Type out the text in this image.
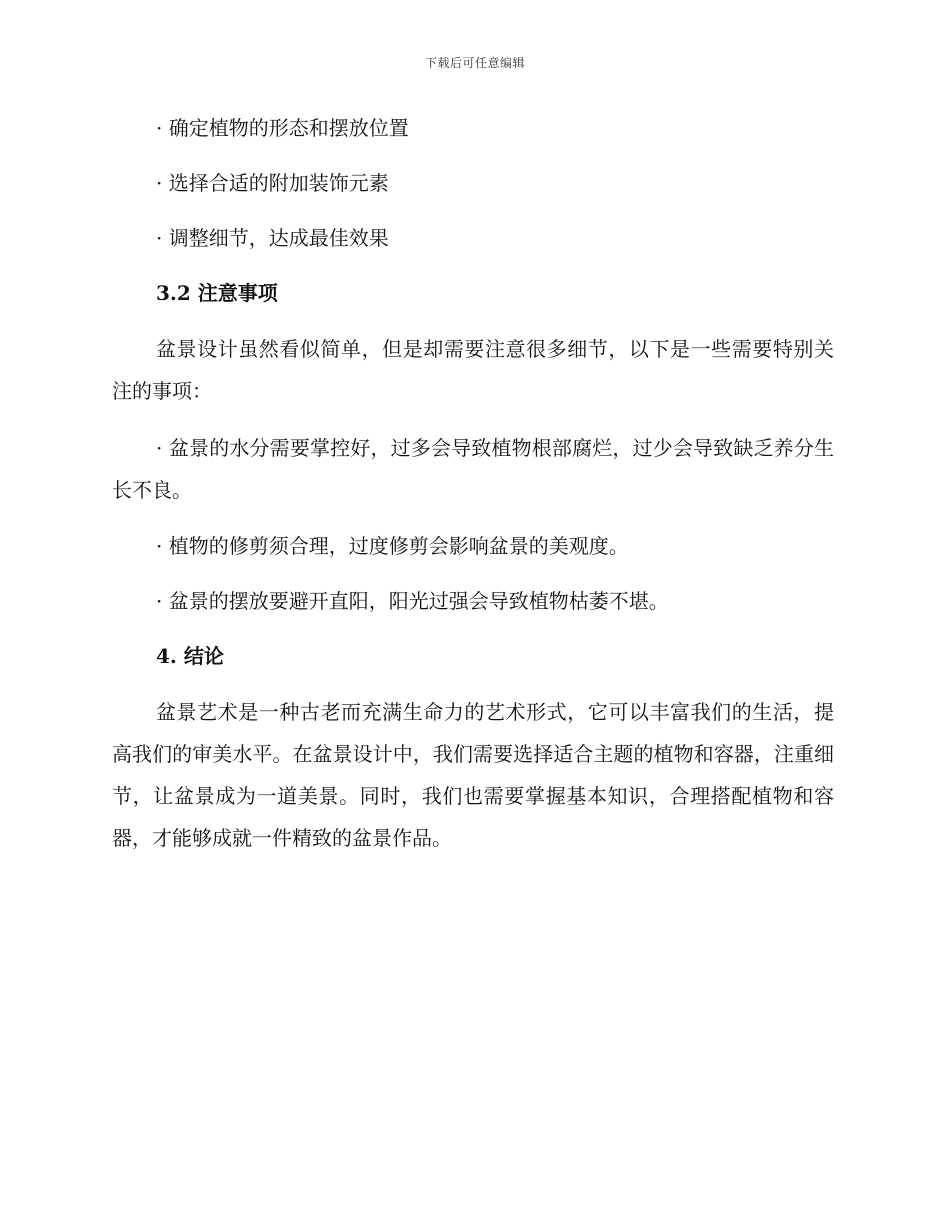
下载后可任意编辑

· 确定植物的形态和摆放位置

· 选择合适的附加装饰元素

· 调整细节，达成最佳效果

3.2 注意事项

盆景设计虽然看似简单，但是却需要注意很多细节，以下是一些需要特别关注的事项：

· 盆景的水分需要掌控好，过多会导致植物根部腐烂，过少会导致缺乏养分生长不良。

· 植物的修剪须合理，过度修剪会影响盆景的美观度。

· 盆景的摆放要避开直阳，阳光过强会导致植物枯萎不堪。

4. 结论

盆景艺术是一种古老而充满生命力的艺术形式，它可以丰富我们的生活，提高我们的审美水平。在盆景设计中，我们需要选择适合主题的植物和容器，注重细节，让盆景成为一道美景。同时，我们也需要掌握基本知识，合理搭配植物和容器，才能够成就一件精致的盆景作品。
